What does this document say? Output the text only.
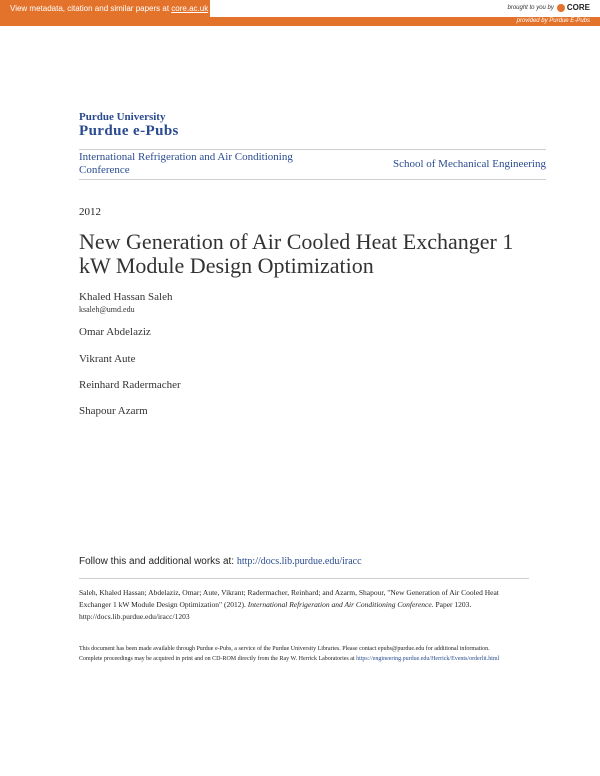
View metadata, citation and similar papers at core.ac.uk	brought to you by CORE
provided by Purdue E-Pubs
Purdue University
Purdue e-Pubs
International Refrigeration and Air Conditioning Conference	School of Mechanical Engineering
2012
New Generation of Air Cooled Heat Exchanger 1 kW Module Design Optimization
Khaled Hassan Saleh
ksaleh@umd.edu
Omar Abdelaziz
Vikrant Aute
Reinhard Radermacher
Shapour Azarm
Follow this and additional works at: http://docs.lib.purdue.edu/iracc
Saleh, Khaled Hassan; Abdelaziz, Omar; Aute, Vikrant; Radermacher, Reinhard; and Azarm, Shapour, "New Generation of Air Cooled Heat Exchanger 1 kW Module Design Optimization" (2012). International Refrigeration and Air Conditioning Conference. Paper 1203.
http://docs.lib.purdue.edu/iracc/1203
This document has been made available through Purdue e-Pubs, a service of the Purdue University Libraries. Please contact epubs@purdue.edu for additional information.
Complete proceedings may be acquired in print and on CD-ROM directly from the Ray W. Herrick Laboratories at https://engineering.purdue.edu/Herrick/Events/orderlit.html
